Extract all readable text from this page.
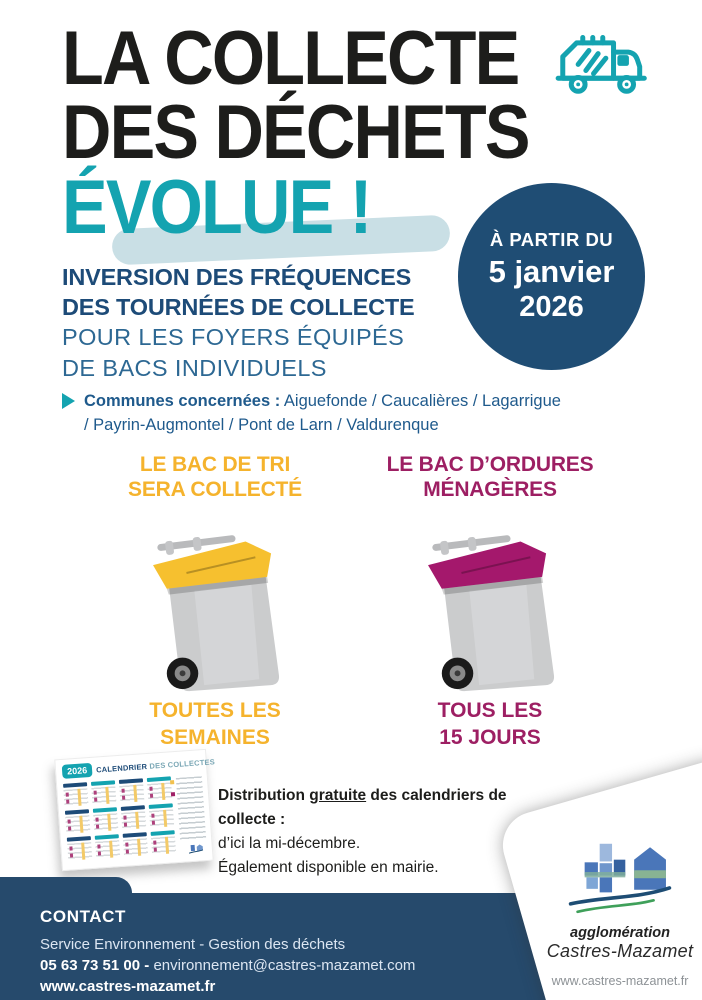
LA COLLECTE
DES DÉCHETS
ÉVOLUE !	À PARTIR DU
5 janvier
2026
INVERSION DES FRÉQUENCES
DES TOURNÉES DE COLLECTE
POUR LES FOYERS ÉQUIPÉS
DE BACS INDIVIDUELS
Communes concernées : Aiguefonde / Caucalières / Lagarrigue
/ Payrin-Augmontel / Pont de Larn / Valdurenque
LE BAC DE TRI
SERA COLLECTÉ
TOUTES LES
SEMAINES
LE BAC D’ORDURES
MÉNAGÈRES
TOUS LES
15 JOURS
2026	CALENDRIER DES COLLECTES
Distribution gratuite des calendriers de collecte :
d’ici la mi-décembre.
Également disponible en mairie.
CONTACT
Service Environnement - Gestion des déchets
05 63 73 51 00 - environnement@castres-mazamet.com
www.castres-mazamet.fr
agglomération
Castres-Mazamet
www.castres-mazamet.fr
